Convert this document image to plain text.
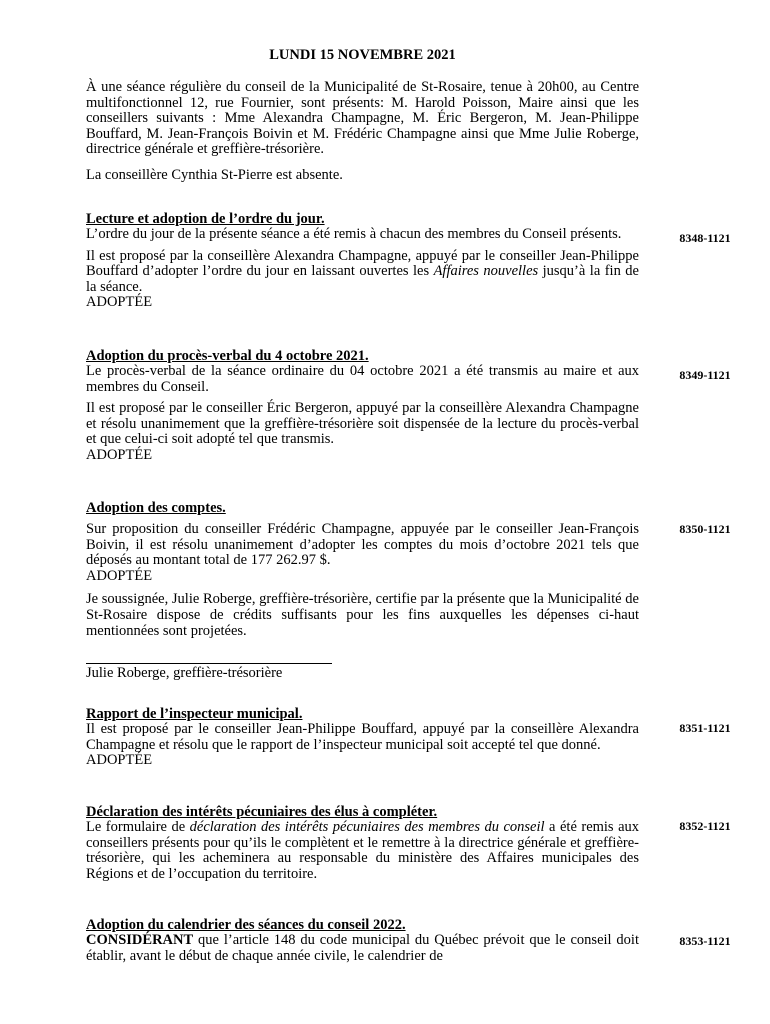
LUNDI 15 NOVEMBRE 2021

À une séance régulière du conseil de la Municipalité de St-Rosaire, tenue à 20h00, au Centre multifonctionnel 12, rue Fournier, sont présents: M. Harold Poisson, Maire ainsi que les conseillers suivants : Mme Alexandra Champagne, M. Éric Bergeron, M. Jean-Philippe Bouffard, M. Jean-François Boivin et M. Frédéric Champagne ainsi que Mme Julie Roberge, directrice générale et greffière-trésorière.

La conseillère Cynthia St-Pierre est absente.

Lecture et adoption de l’ordre du jour.

L’ordre du jour de la présente séance a été remis à chacun des membres du Conseil présents.

Il est proposé par la conseillère Alexandra Champagne, appuyé par le conseiller Jean-Philippe Bouffard d’adopter l’ordre du jour en laissant ouvertes les Affaires nouvelles jusqu’à la fin de la séance.

ADOPTÉE
8348-1121
Adoption du procès-verbal du 4 octobre 2021.

Le procès-verbal de la séance ordinaire du 04 octobre 2021 a été transmis au maire et aux membres du Conseil.

Il est proposé par le conseiller Éric Bergeron, appuyé par la conseillère Alexandra Champagne et résolu unanimement que la greffière-trésorière soit dispensée de la lecture du procès-verbal et que celui-ci soit adopté tel que transmis.

ADOPTÉE
8349-1121
Adoption des comptes.

Sur proposition du conseiller Frédéric Champagne, appuyée par le conseiller Jean-François Boivin, il est résolu unanimement d’adopter les comptes du mois d’octobre 2021 tels que déposés au montant total de 177 262.97 $.

ADOPTÉE

Je soussignée, Julie Roberge, greffière-trésorière, certifie par la présente que la Municipalité de St-Rosaire dispose de crédits suffisants pour les fins auxquelles les dépenses ci-haut mentionnées sont projetées.

Julie Roberge, greffière-trésorière
8350-1121
Rapport de l’inspecteur municipal.

Il est proposé par le conseiller Jean-Philippe Bouffard, appuyé par la conseillère Alexandra Champagne et résolu que le rapport de l’inspecteur municipal soit accepté tel que donné.

ADOPTÉE
8351-1121
Déclaration des intérêts pécuniaires des élus à compléter.

Le formulaire de déclaration des intérêts pécuniaires des membres du conseil a été remis aux conseillers présents pour qu’ils le complètent et le remettre à la directrice générale et greffière-trésorière, qui les acheminera au responsable du ministère des Affaires municipales des Régions et de l’occupation du territoire.

8352-1121
Adoption du calendrier des séances du conseil 2022.

CONSIDÉRANT que l’article 148 du code municipal du Québec prévoit que le conseil doit établir, avant le début de chaque année civile, le calendrier de

8353-1121
